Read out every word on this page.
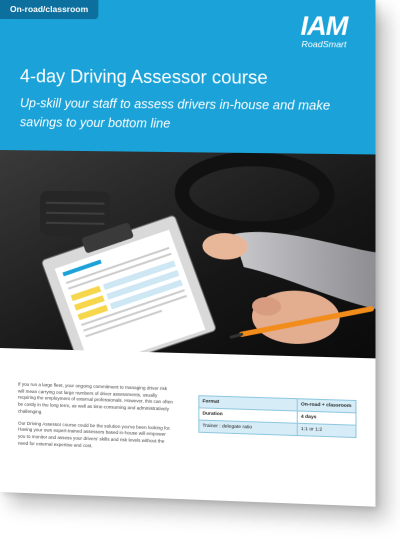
On-road/classroom
IAM
RoadSmart
4-day Driving Assessor course
Up-skill your staff to assess drivers in-house and make savings to your bottom line

If you run a large fleet, your ongoing commitment to managing driver risk will mean carrying out large numbers of driver assessments, usually requiring the employment of external professionals. However, this can often be costly in the long term, as well as time-consuming and administratively challenging.

Our Driving Assessor course could be the solution you've been looking for. Having your own expert-trained assessors based in-house will empower you to monitor and assess your drivers' skills and risk levels without the need for external expertise and cost.

Format	On-road + classroom
Duration	4 days
Trainer : delegate ratio	1:1 or 1:2
